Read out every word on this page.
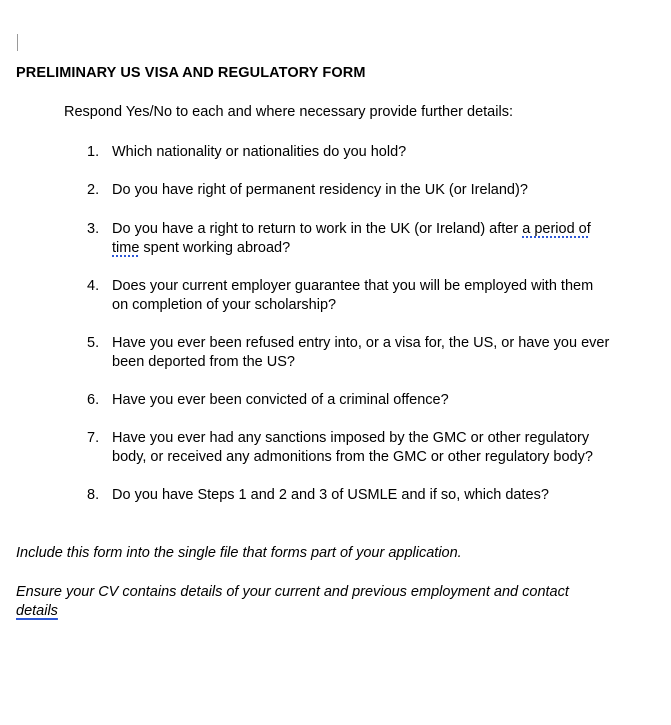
PRELIMINARY US VISA AND REGULATORY FORM
Respond Yes/No to each and where necessary provide further details:
1. Which nationality or nationalities do you hold?
2. Do you have right of permanent residency in the UK (or Ireland)?
3. Do you have a right to return to work in the UK (or Ireland) after a period of
time spent working abroad?
4. Does your current employer guarantee that you will be employed with them
on completion of your scholarship?
5. Have you ever been refused entry into, or a visa for, the US, or have you ever
been deported from the US?
6. Have you ever been convicted of a criminal offence?
7. Have you ever had any sanctions imposed by the GMC or other regulatory
body, or received any admonitions from the GMC or other regulatory body?
8. Do you have Steps 1 and 2 and 3 of USMLE and if so, which dates?
Include this form into the single file that forms part of your application.
Ensure your CV contains details of your current and previous employment and contact
details
